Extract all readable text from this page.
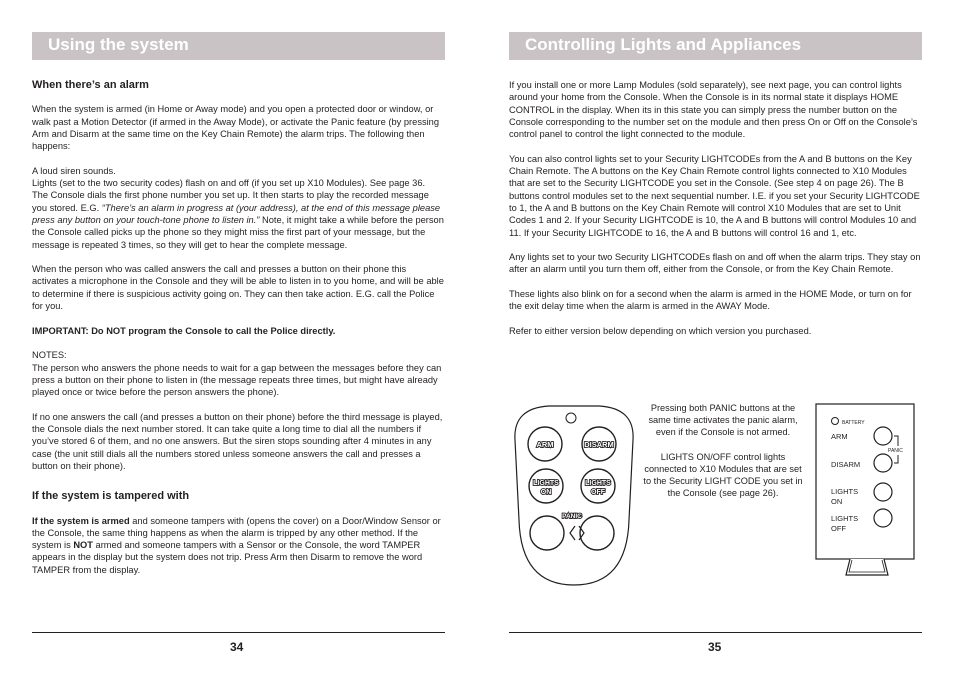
Using the system
When there’s an alarm

When the system is armed (in Home or Away mode) and you open a protected door or window, or walk past a Motion Detector (if armed in the Away Mode), or activate the Panic feature (by pressing Arm and Disarm at the same time on the Key Chain Remote) the alarm trips. The following then happens:

A loud siren sounds.
Lights (set to the two security codes) flash on and off (if you set up X10 Modules). See page 36.
The Console dials the first phone number you set up. It then starts to play the recorded message you stored. E.G. “There’s an alarm in progress at (your address), at the end of this message please press any button on your touch-tone phone to listen in.” Note, it might take a while before the person the Console called picks up the phone so they might miss the first part of your message, but the message is repeated 3 times, so they will get to hear the complete message.

When the person who was called answers the call and presses a button on their phone this activates a microphone in the Console and they will be able to listen in to you home, and will be able to determine if there is suspicious activity going on. They can then take action. E.G. call the Police for you.

IMPORTANT: Do NOT program the Console to call the Police directly.

NOTES:
The person who answers the phone needs to wait for a gap between the messages before they can press a button on their phone to listen in (the message repeats three times, but might have already played once or twice before the person answers the phone).

If no one answers the call (and presses a button on their phone) before the third message is played, the Console dials the next number stored. It can take quite a long time to dial all the numbers if you’ve stored 6 of them, and no one answers. But the siren stops sounding after 4 minutes in any case (the unit still dials all the numbers stored unless someone answers the call and presses a button on their phone).

If the system is tampered with

If the system is armed and someone tampers with (opens the cover) on a Door/Window Sensor or the Console, the same thing happens as when the alarm is tripped by any other method. If the system is NOT armed and someone tampers with a Sensor or the Console, the word TAMPER appears in the display but the system does not trip. Press Arm then Disarm to remove the word TAMPER from the display.

34
Controlling Lights and Appliances

If you install one or more Lamp Modules (sold separately), see next page, you can control lights around your home from the Console. When the Console is in its normal state it displays HOME CONTROL in the display. When its in this state you can simply press the number button on the Console corresponding to the number set on the module and then press On or Off on the Console’s control panel to control the light connected to the module.

You can also control lights set to your Security LIGHTCODEs from the A and B buttons on the Key Chain Remote. The A buttons on the Key Chain Remote control lights connected to X10 Modules that are set to the Security LIGHTCODE you set in the Console. (See step 4 on page 26). The B buttons control modules set to the next sequential number. I.E. if you set your Security LIGHTCODE to 1, the A and B buttons on the Key Chain Remote will control X10 Modules that are set to Unit Codes 1 and 2. If your Security LIGHTCODE is 10, the A and B buttons will control Modules 10 and 11. If your Security LIGHTCODE to 16, the A and B buttons will control 16 and 1, etc.

Any lights set to your two Security LIGHTCODEs flash on and off when the alarm trips. They stay on after an alarm until you turn them off, either from the Console, or from the Key Chain Remote.

These lights also blink on for a second when the alarm is armed in the HOME Mode, or turn on for the exit delay time when the alarm is armed in the AWAY Mode.

Refer to either version below depending on which version you purchased.

ARM	DISARM
LIGHTS
ON
LIGHTS
OFF
PANIC

Pressing both PANIC buttons at the same time activates the panic alarm, even if the Console is not armed.

LIGHTS ON/OFF control lights connected to X10 Modules that are set to the Security LIGHT CODE you set in the Console (see page 26).

BATTERY
ARM
DISARM
LIGHTS
ON
LIGHTS
OFF
PANIC
35
